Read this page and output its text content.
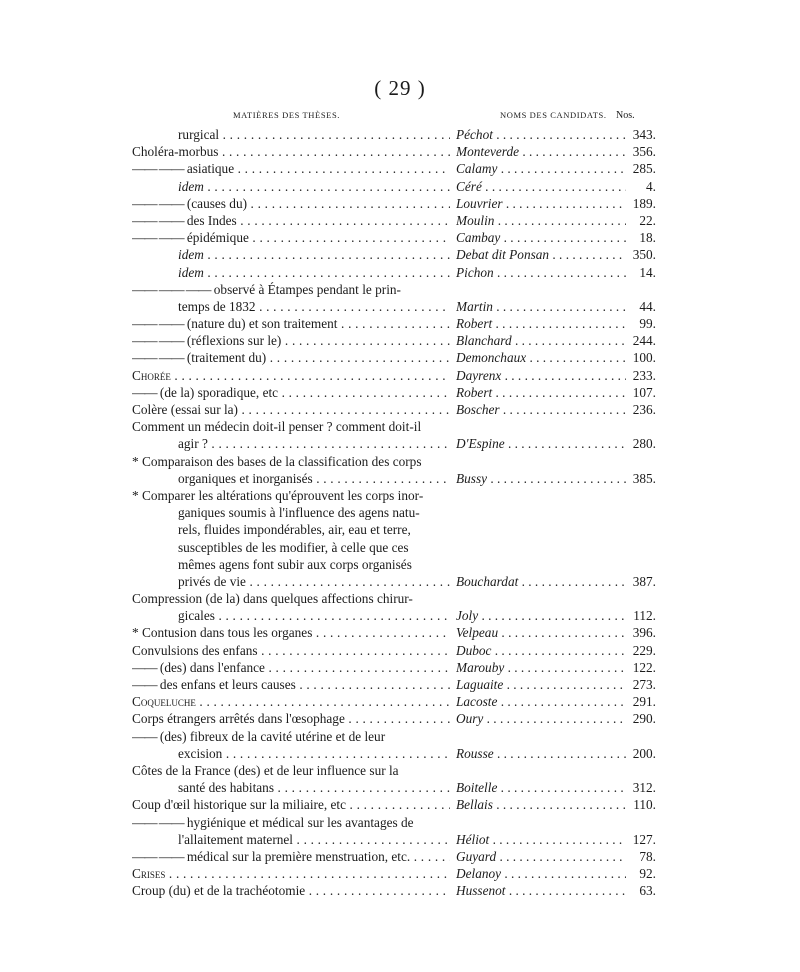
( 29 )
MATIÈRES DES THÈSES.	NOMS DES CANDIDATS. Nos.
rurgical . . .	Péchot . . .	343.
Choléra-morbus . . .	Monteverde . . .	356.
—— —— asiatique . . .	Calamy . . .	285.
idem . . .	Céré . . .	4.
—— —— (causes du) . . .	Louvrier . . .	189.
—— —— des Indes . . .	Moulin . . .	22.
—— —— épidémique . . .	Cambay . . .	18.
idem . . .	Debat dit Ponsan . . .	350.
idem . . .	Pichon . . .	14.
—— —— —— observé à Étampes pendant le prin-
temps de 1832 . . .	Martin . . .	44.
—— —— (nature du) et son traitement . . .	Robert . . .	99.
—— —— (réflexions sur le) . . .	Blanchard . . .	244.
—— —— (traitement du) . . .	Demonchaux . . .	100.
Chorée . . .	Dayrenx . . .	233.
—— (de la) sporadique, etc . . .	Robert . . .	107.
Colère (essai sur la) . . .	Boscher . . .	236.
Comment un médecin doit-il penser ? comment doit-il
agir ? . . .	D'Espine . . .	280.
* Comparaison des bases de la classification des corps
organiques et inorganisés . . .	Bussy . . .	385.
* Comparer les altérations qu'éprouvent les corps inor-
ganiques soumis à l'influence des agens natu-
rels, fluides impondérables, air, eau et terre,
susceptibles de les modifier, à celle que ces
mêmes agens font subir aux corps organisés
privés de vie . . .	Bouchardat . . .	387.
Compression (de la) dans quelques affections chirur-
gicales . . .	Joly . . .	112.
* Contusion dans tous les organes . . .	Velpeau . . .	396.
Convulsions des enfans . . .	Duboc . . .	229.
—— (des) dans l'enfance . . .	Marouby . . .	122.
—— des enfans et leurs causes . . .	Laguaite . . .	273.
Coqueluche . . .	Lacoste . . .	291.
Corps étrangers arrêtés dans l'œsophage . . .	Oury . . .	290.
—— (des) fibreux de la cavité utérine et de leur
excision . . .	Rousse . . .	200.
Côtes de la France (des) et de leur influence sur la
santé des habitans . . .	Boitelle . . .	312.
Coup d'œil historique sur la miliaire, etc . . .	Bellais . . .	110.
—— —— hygiénique et médical sur les avantages de
l'allaitement maternel . . .	Héliot . . .	127.
—— —— médical sur la première menstruation, etc. . . .	Guyard . . .	78.
Crises . . .	Delanoy . . .	92.
Croup (du) et de la trachéotomie . . .	Hussenot . . .	63.
